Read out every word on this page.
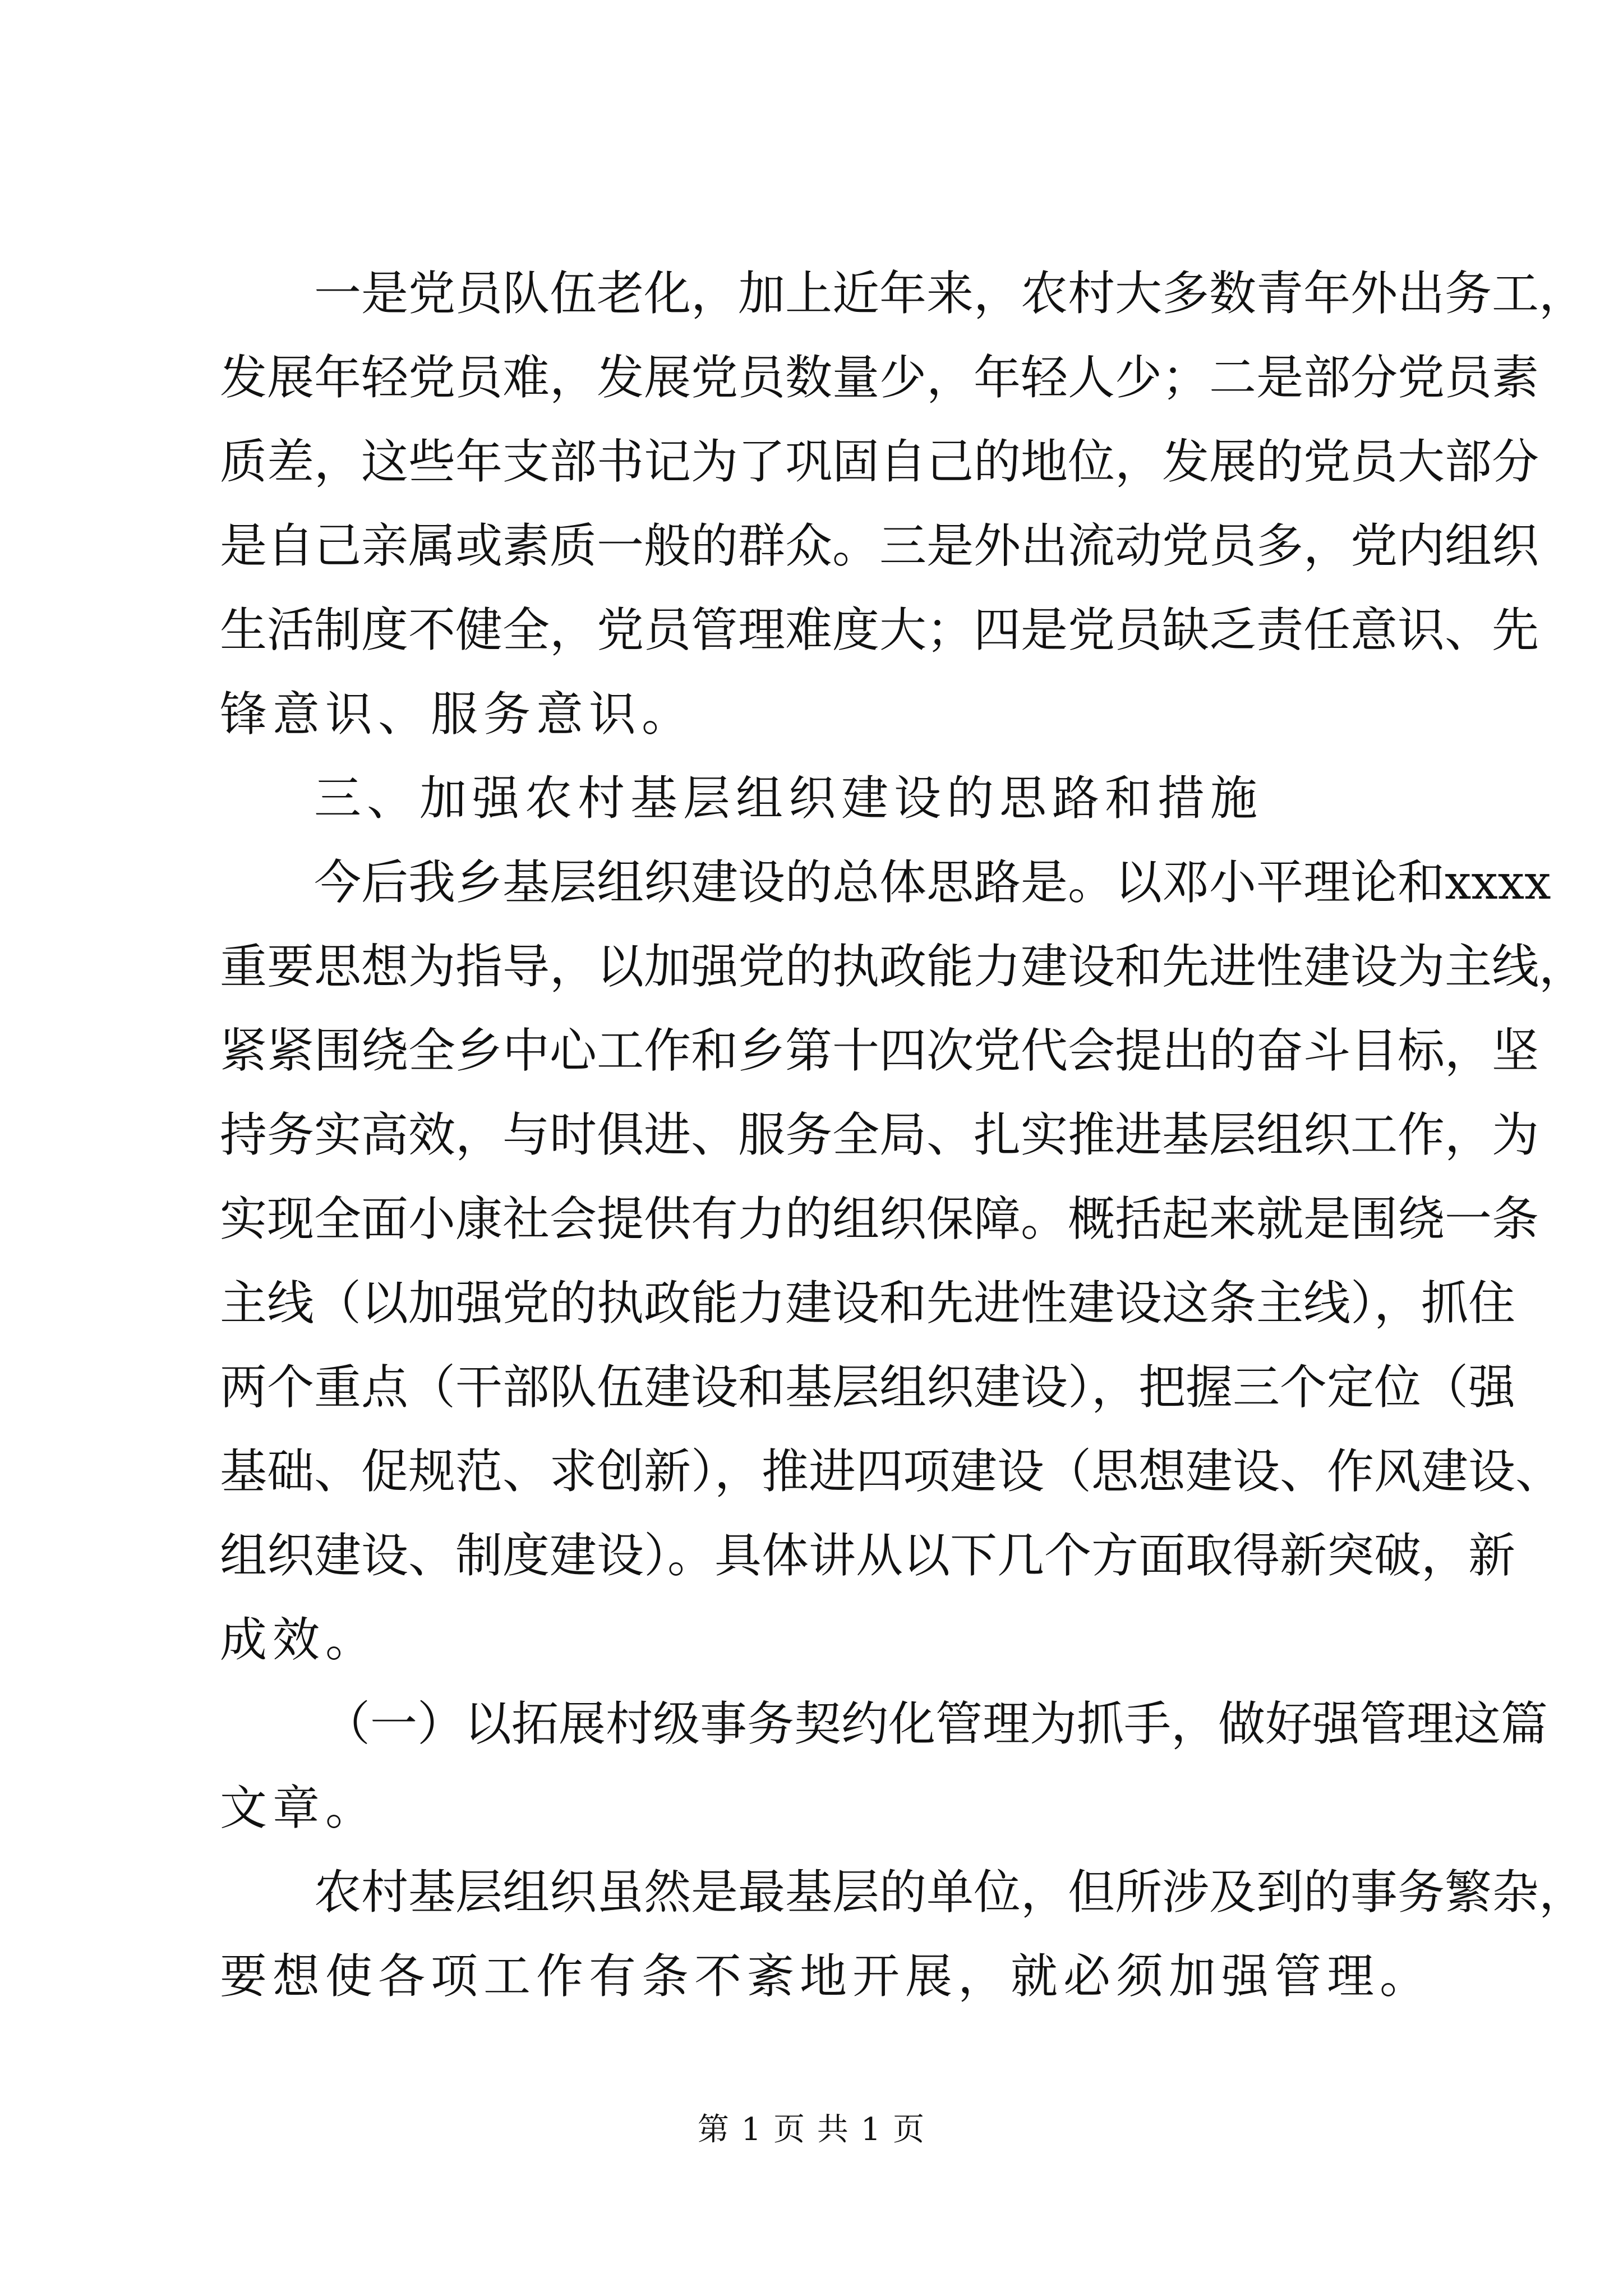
一是党员队伍老化，加上近年来，农村大多数青年外出务工，
发展年轻党员难，发展党员数量少，年轻人少；二是部分党员素
质差，这些年支部书记为了巩固自己的地位，发展的党员大部分
是自己亲属或素质一般的群众。三是外出流动党员多，党内组织
生活制度不健全，党员管理难度大；四是党员缺乏责任意识、先
锋意识、服务意识。
三、加强农村基层组织建设的思路和措施
今后我乡基层组织建设的总体思路是。以邓小平理论和xxxx
重要思想为指导，以加强党的执政能力建设和先进性建设为主线，
紧紧围绕全乡中心工作和乡第十四次党代会提出的奋斗目标，坚
持务实高效，与时俱进、服务全局、扎实推进基层组织工作，为
实现全面小康社会提供有力的组织保障。概括起来就是围绕一条
主线（以加强党的执政能力建设和先进性建设这条主线），抓住
两个重点（干部队伍建设和基层组织建设），把握三个定位（强
基础、促规范、求创新），推进四项建设（思想建设、作风建设、
组织建设、制度建设）。具体讲从以下几个方面取得新突破，新
成效。
（一）以拓展村级事务契约化管理为抓手，做好强管理这篇
文章。
农村基层组织虽然是最基层的单位，但所涉及到的事务繁杂，
要想使各项工作有条不紊地开展，就必须加强管理。
第 1 页 共 1 页
